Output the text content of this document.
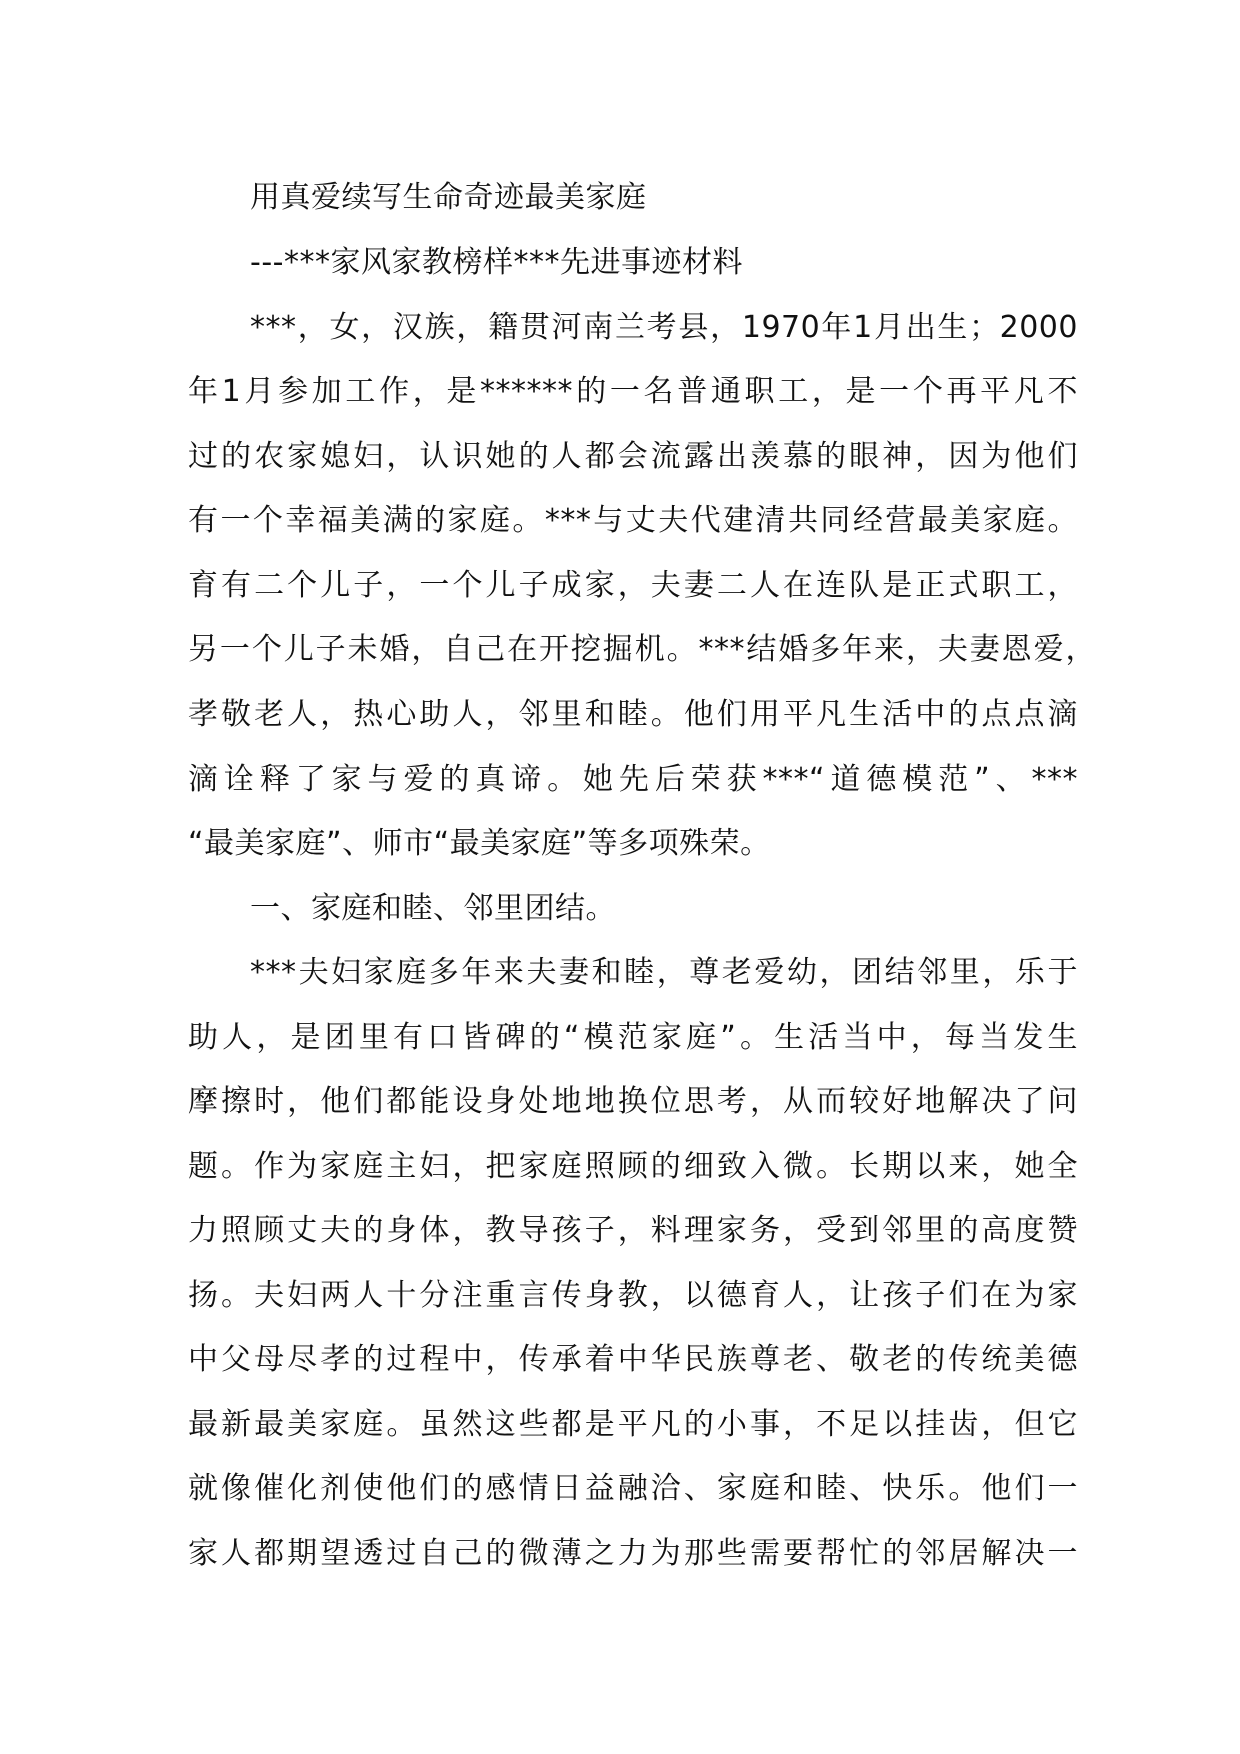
用真爱续写生命奇迹最美家庭
---***家风家教榜样***先进事迹材料
***，女，汉族，籍贯河南兰考县，1970年1月出生；2000
年1月参加工作，是******的一名普通职工，是一个再平凡不
过的农家媳妇，认识她的人都会流露出羡慕的眼神，因为他们
有一个幸福美满的家庭。***与丈夫代建清共同经营最美家庭。
育有二个儿子，一个儿子成家，夫妻二人在连队是正式职工，
另一个儿子未婚，自己在开挖掘机。***结婚多年来，夫妻恩爱，
孝敬老人，热心助人，邻里和睦。他们用平凡生活中的点点滴
滴诠释了家与爱的真谛。她先后荣获***“道德模范”、***
“最美家庭”、师市“最美家庭”等多项殊荣。
一、家庭和睦、邻里团结。
***夫妇家庭多年来夫妻和睦，尊老爱幼，团结邻里，乐于
助人，是团里有口皆碑的“模范家庭”。生活当中，每当发生
摩擦时，他们都能设身处地地换位思考，从而较好地解决了问
题。作为家庭主妇，把家庭照顾的细致入微。长期以来，她全
力照顾丈夫的身体，教导孩子，料理家务，受到邻里的高度赞
扬。夫妇两人十分注重言传身教，以德育人，让孩子们在为家
中父母尽孝的过程中，传承着中华民族尊老、敬老的传统美德
最新最美家庭。虽然这些都是平凡的小事，不足以挂齿，但它
就像催化剂使他们的感情日益融洽、家庭和睦、快乐。他们一
家人都期望透过自己的微薄之力为那些需要帮忙的邻居解决一
